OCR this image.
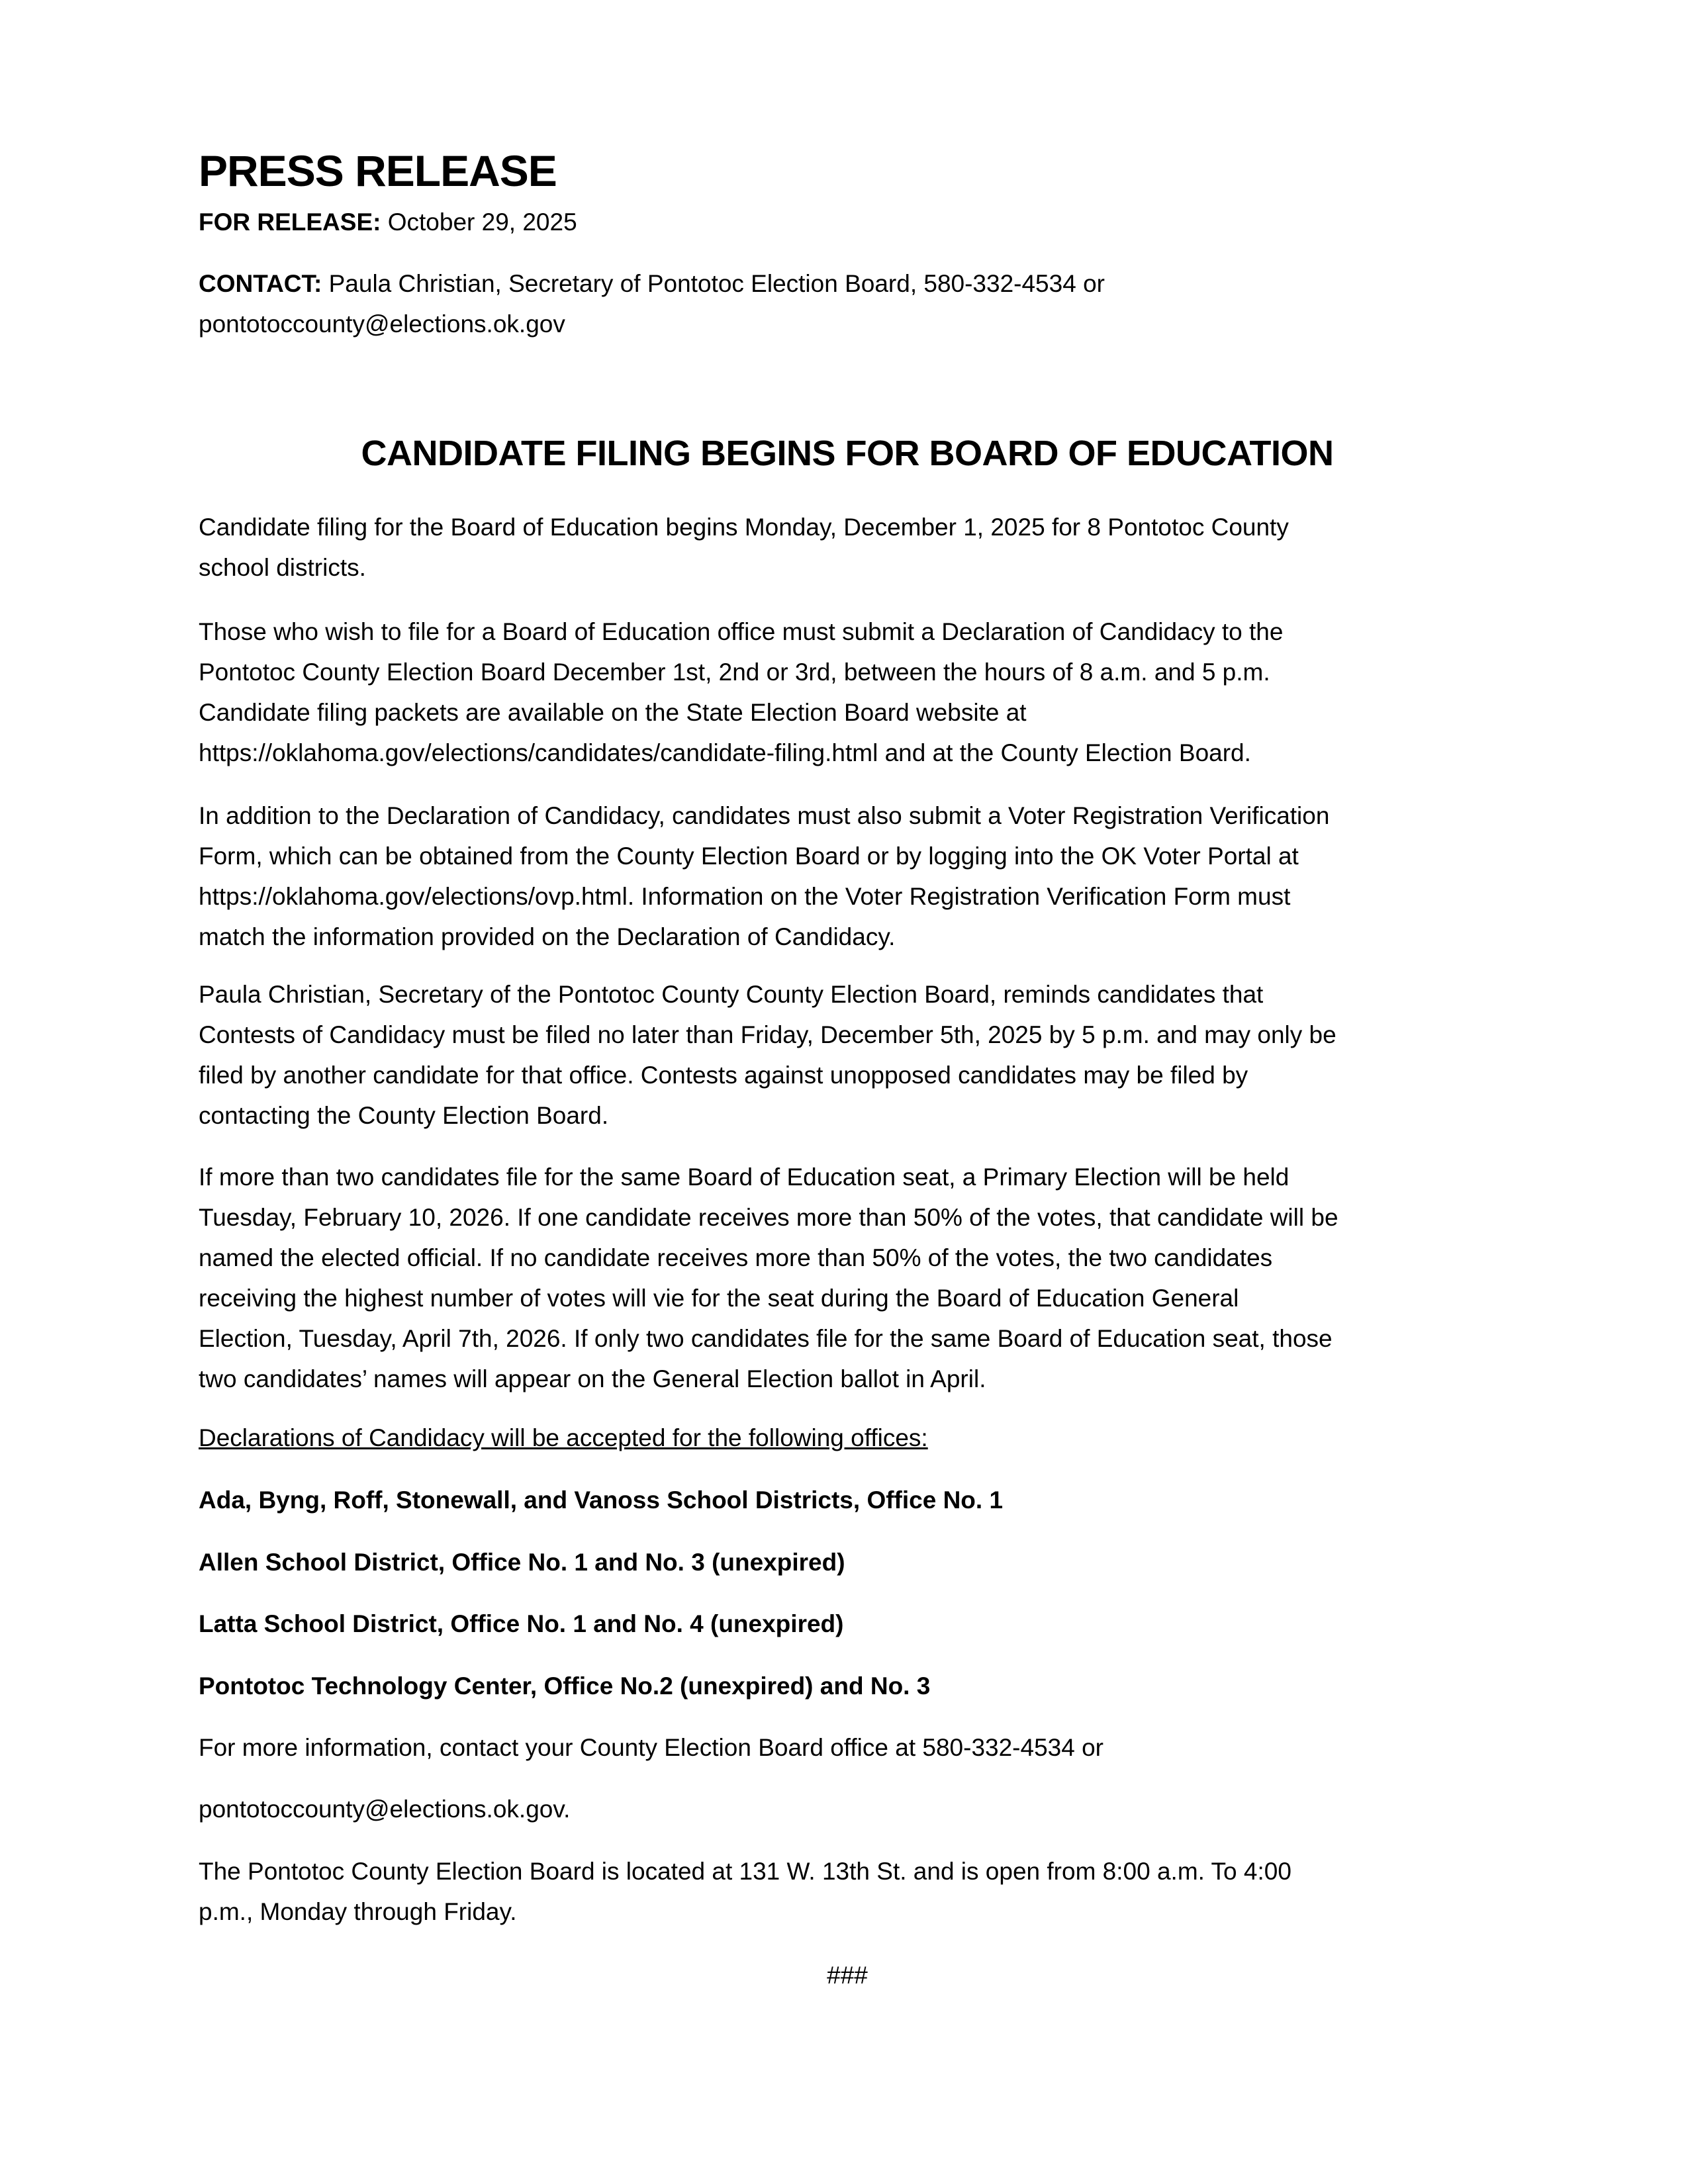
PRESS RELEASE
FOR RELEASE: October 29, 2025
CONTACT: Paula Christian, Secretary of Pontotoc Election Board, 580-332-4534 or
pontotoccounty@elections.ok.gov
CANDIDATE FILING BEGINS FOR BOARD OF EDUCATION

Candidate filing for the Board of Education begins Monday, December 1, 2025 for 8 Pontotoc County

school districts.

Those who wish to file for a Board of Education office must submit a Declaration of Candidacy to the

Pontotoc County Election Board December 1st, 2nd or 3rd, between the hours of 8 a.m. and 5 p.m.

Candidate filing packets are available on the State Election Board website at

https://oklahoma.gov/elections/candidates/candidate-filing.html and at the County Election Board.

In addition to the Declaration of Candidacy, candidates must also submit a Voter Registration Verification

Form, which can be obtained from the County Election Board or by logging into the OK Voter Portal at

https://oklahoma.gov/elections/ovp.html. Information on the Voter Registration Verification Form must

match the information provided on the Declaration of Candidacy.

Paula Christian, Secretary of the Pontotoc County County Election Board, reminds candidates that

Contests of Candidacy must be filed no later than Friday, December 5th, 2025 by 5 p.m. and may only be

filed by another candidate for that office. Contests against unopposed candidates may be filed by

contacting the County Election Board.

If more than two candidates file for the same Board of Education seat, a Primary Election will be held

Tuesday, February 10, 2026. If one candidate receives more than 50% of the votes, that candidate will be

named the elected official. If no candidate receives more than 50% of the votes, the two candidates

receiving the highest number of votes will vie for the seat during the Board of Education General

Election, Tuesday, April 7th, 2026. If only two candidates file for the same Board of Education seat, those

two candidates’ names will appear on the General Election ballot in April.

Declarations of Candidacy will be accepted for the following offices:
Ada, Byng, Roff, Stonewall, and Vanoss School Districts, Office No. 1
Allen School District, Office No. 1 and No. 3 (unexpired)
Latta School District, Office No. 1 and No. 4 (unexpired)
Pontotoc Technology Center, Office No.2 (unexpired) and No. 3
For more information, contact your County Election Board office at 580-332-4534 or
pontotoccounty@elections.ok.gov.

The Pontotoc County Election Board is located at 131 W. 13th St. and is open from 8:00 a.m. To 4:00

p.m., Monday through Friday.

###
